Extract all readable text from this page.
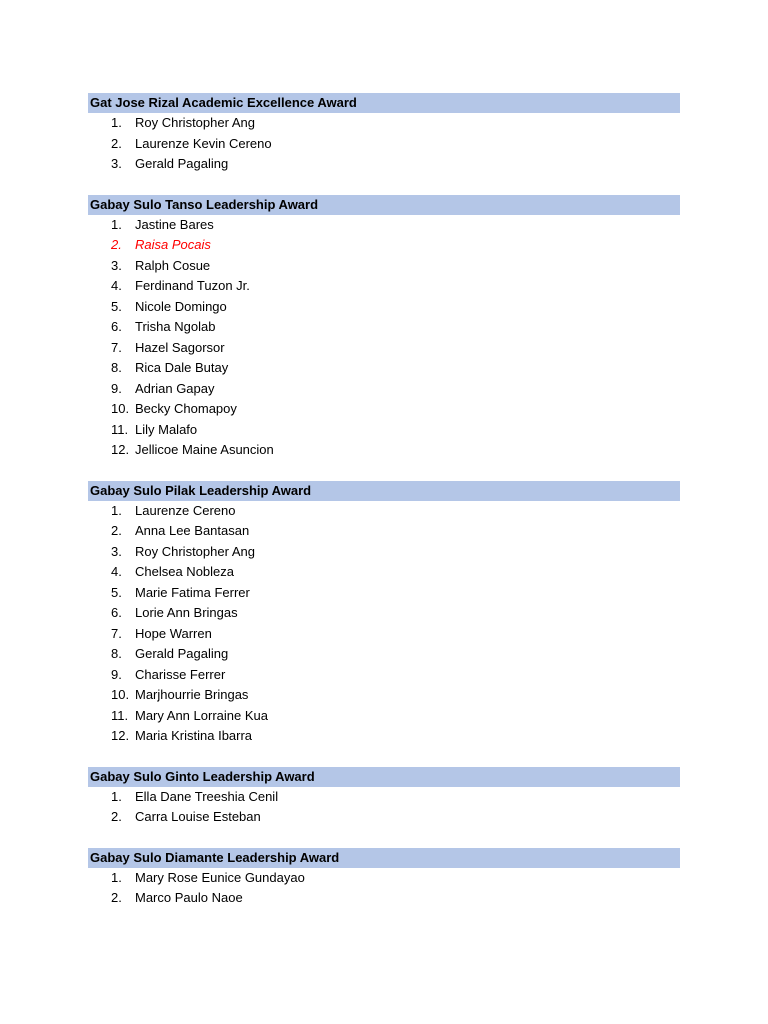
Gat Jose Rizal Academic Excellence Award
1.	Roy Christopher Ang
2.	Laurenze Kevin Cereno
3.	Gerald Pagaling
Gabay Sulo Tanso Leadership Award
1.	Jastine Bares
2.	Raisa Pocais
3.	Ralph Cosue
4.	Ferdinand Tuzon Jr.
5.	Nicole Domingo
6.	Trisha Ngolab
7.	Hazel Sagorsor
8.	Rica Dale Butay
9.	Adrian Gapay
10. Becky Chomapoy
11. Lily Malafo
12. Jellicoe Maine Asuncion
Gabay Sulo Pilak Leadership Award
1.	Laurenze Cereno
2.	Anna Lee Bantasan
3.	Roy Christopher Ang
4.	Chelsea Nobleza
5.	Marie Fatima Ferrer
6.	Lorie Ann Bringas
7.	Hope Warren
8.	Gerald Pagaling
9.	Charisse Ferrer
10. Marjhourrie Bringas
11. Mary Ann Lorraine Kua
12. Maria Kristina Ibarra
Gabay Sulo Ginto Leadership Award
1.	Ella Dane Treeshia Cenil
2.	Carra Louise Esteban
Gabay Sulo Diamante Leadership Award
1.	Mary Rose Eunice Gundayao
2.	Marco Paulo Naoe
